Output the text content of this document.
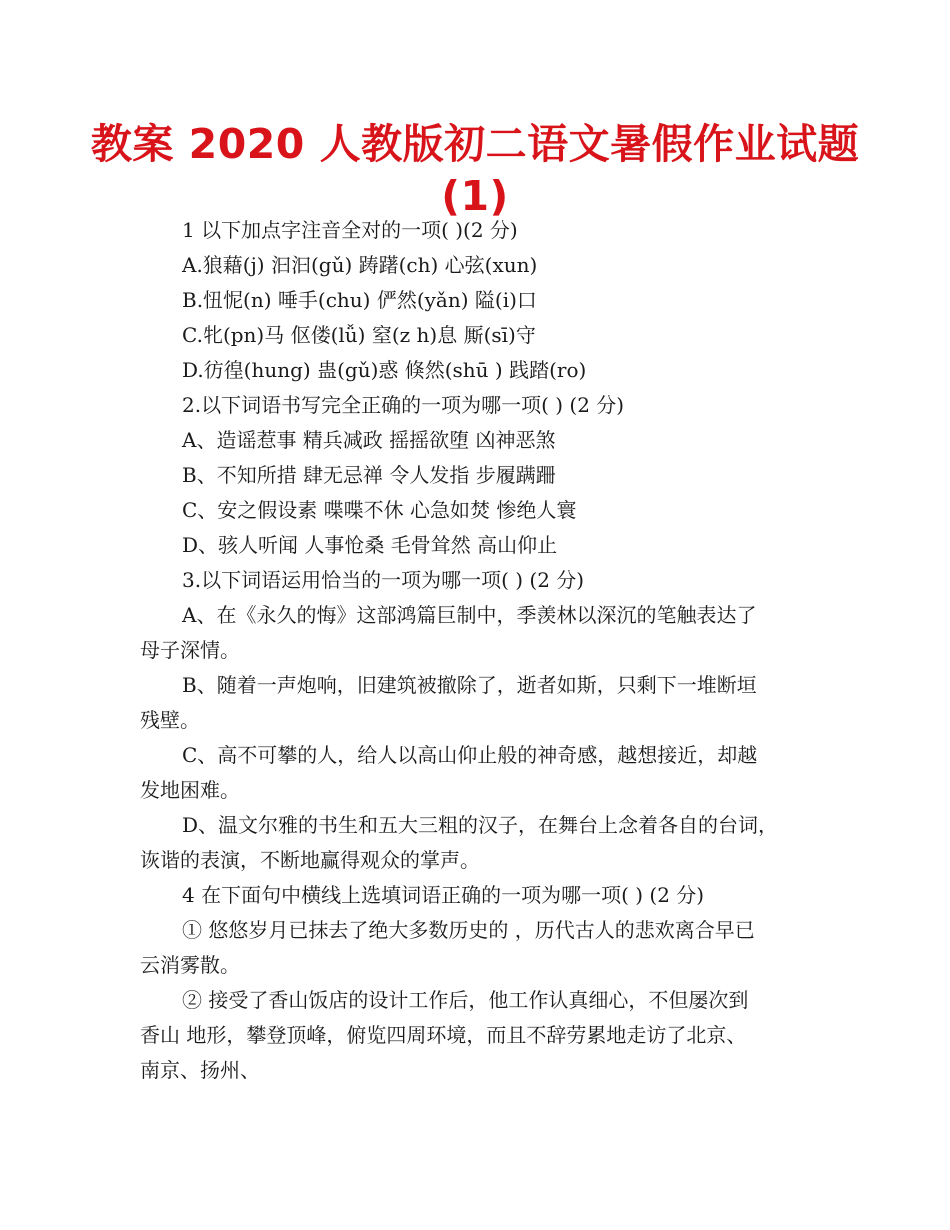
教案 2020 人教版初二语文暑假作业试题
(1)
1 以下加点字注音全对的一项( )(2 分)
A.狼藉(j) 汩汩(gǔ) 踌躇(ch) 心弦(xun)
B.忸怩(n) 唾手(chu) 俨然(yǎn) 隘(i)口
C.牝(pn)马 伛偻(lǚ) 窒(z h)息 厮(sī)守
D.彷徨(hung) 蛊(gǔ)惑 倏然(shū ) 践踏(ro)
2.以下词语书写完全正确的一项为哪一项( ) (2 分)
A、造谣惹事 精兵减政 摇摇欲堕 凶神恶煞
B、不知所措 肆无忌禅 令人发指 步履蹒跚
C、安之假设素 喋喋不休 心急如焚 惨绝人寰
D、骇人听闻 人事怆桑 毛骨耸然 高山仰止
3.以下词语运用恰当的一项为哪一项( ) (2 分)
A、在《永久的悔》这部鸿篇巨制中，季羡林以深沉的笔触表达了
母子深情。
B、随着一声炮响，旧建筑被撤除了，逝者如斯，只剩下一堆断垣
残壁。
C、高不可攀的人，给人以高山仰止般的神奇感，越想接近，却越
发地困难。
D、温文尔雅的书生和五大三粗的汉子，在舞台上念着各自的台词，
诙谐的表演，不断地赢得观众的掌声。
4 在下面句中横线上选填词语正确的一项为哪一项( ) (2 分)
① 悠悠岁月已抹去了绝大多数历史的 ，历代古人的悲欢离合早已
云消雾散。
② 接受了香山饭店的设计工作后，他工作认真细心，不但屡次到
香山 地形，攀登顶峰，俯览四周环境，而且不辞劳累地走访了北京、
南京、扬州、
